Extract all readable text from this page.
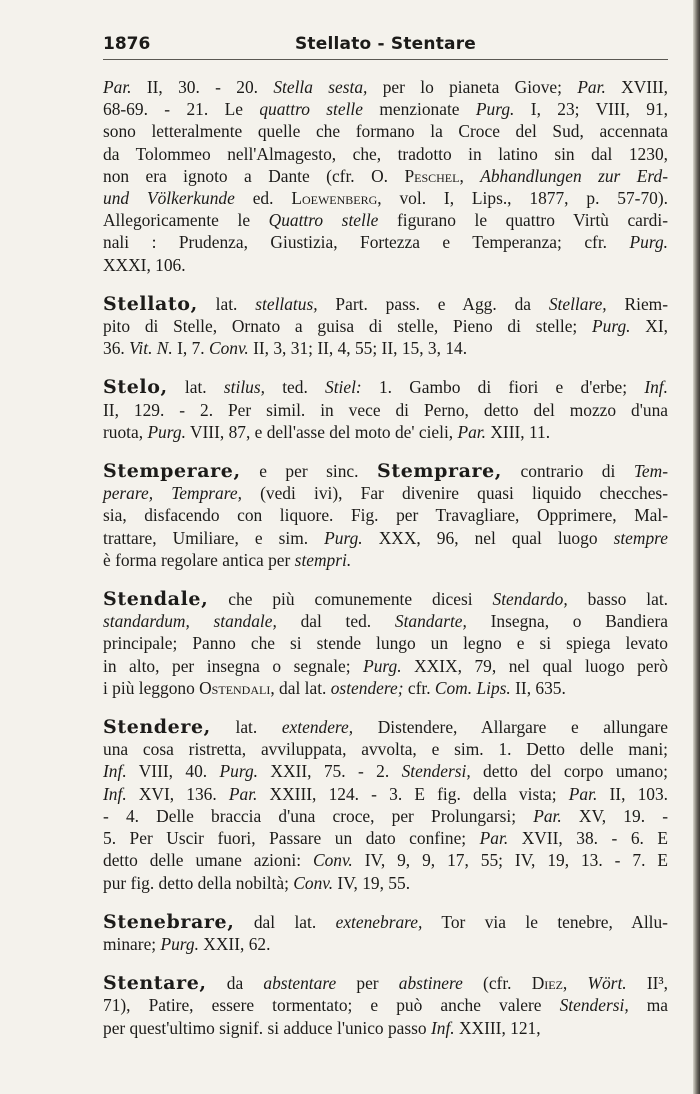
1876	Stellato - Stentare
Par. II, 30. - 20. Stella sesta, per lo pianeta Giove; Par. XVIII,
68-69. - 21. Le quattro stelle menzionate Purg. I, 23; VIII, 91,
sono letteralmente quelle che formano la Croce del Sud, accennata
da Tolommeo nell'Almagesto, che, tradotto in latino sin dal 1230,
non era ignoto a Dante (cfr. O. Peschel, Abhandlungen zur Erd-
und Völkerkunde ed. Loewenberg, vol. I, Lips., 1877, p. 57-70).
Allegoricamente le Quattro stelle figurano le quattro Virtù cardi-
nali : Prudenza, Giustizia, Fortezza e Temperanza; cfr. Purg.
XXXI, 106.
Stellato, lat. stellatus, Part. pass. e Agg. da Stellare, Riem-
pito di Stelle, Ornato a guisa di stelle, Pieno di stelle; Purg. XI,
36. Vit. N. I, 7. Conv. II, 3, 31; II, 4, 55; II, 15, 3, 14.
Stelo, lat. stilus, ted. Stiel: 1. Gambo di fiori e d'erbe; Inf.
II, 129. - 2. Per simil. in vece di Perno, detto del mozzo d'una
ruota, Purg. VIII, 87, e dell'asse del moto de' cieli, Par. XIII, 11.
Stemperare, e per sinc. Stemprare, contrario di Tem-
perare, Temprare, (vedi ivi), Far divenire quasi liquido checches-
sia, disfacendo con liquore. Fig. per Travagliare, Opprimere, Mal-
trattare, Umiliare, e sim. Purg. XXX, 96, nel qual luogo stempre
è forma regolare antica per stempri.
Stendale, che più comunemente dicesi Stendardo, basso lat.
standardum, standale, dal ted. Standarte, Insegna, o Bandiera
principale; Panno che si stende lungo un legno e si spiega levato
in alto, per insegna o segnale; Purg. XXIX, 79, nel qual luogo però
i più leggono Ostendali, dal lat. ostendere; cfr. Com. Lips. II, 635.
Stendere, lat. extendere, Distendere, Allargare e allungare
una cosa ristretta, avviluppata, avvolta, e sim. 1. Detto delle mani;
Inf. VIII, 40. Purg. XXII, 75. - 2. Stendersi, detto del corpo umano;
Inf. XVI, 136. Par. XXIII, 124. - 3. E fig. della vista; Par. II, 103.
- 4. Delle braccia d'una croce, per Prolungarsi; Par. XV, 19. -
5. Per Uscir fuori, Passare un dato confine; Par. XVII, 38. - 6. E
detto delle umane azioni: Conv. IV, 9, 9, 17, 55; IV, 19, 13. - 7. E
pur fig. detto della nobiltà; Conv. IV, 19, 55.
Stenebrare, dal lat. extenebrare, Tor via le tenebre, Allu-
minare; Purg. XXII, 62.
Stentare, da abstentare per abstinere (cfr. Diez, Wört. II³,
71), Patire, essere tormentato; e può anche valere Stendersi, ma
per quest'ultimo signif. si adduce l'unico passo Inf. XXIII, 121,
